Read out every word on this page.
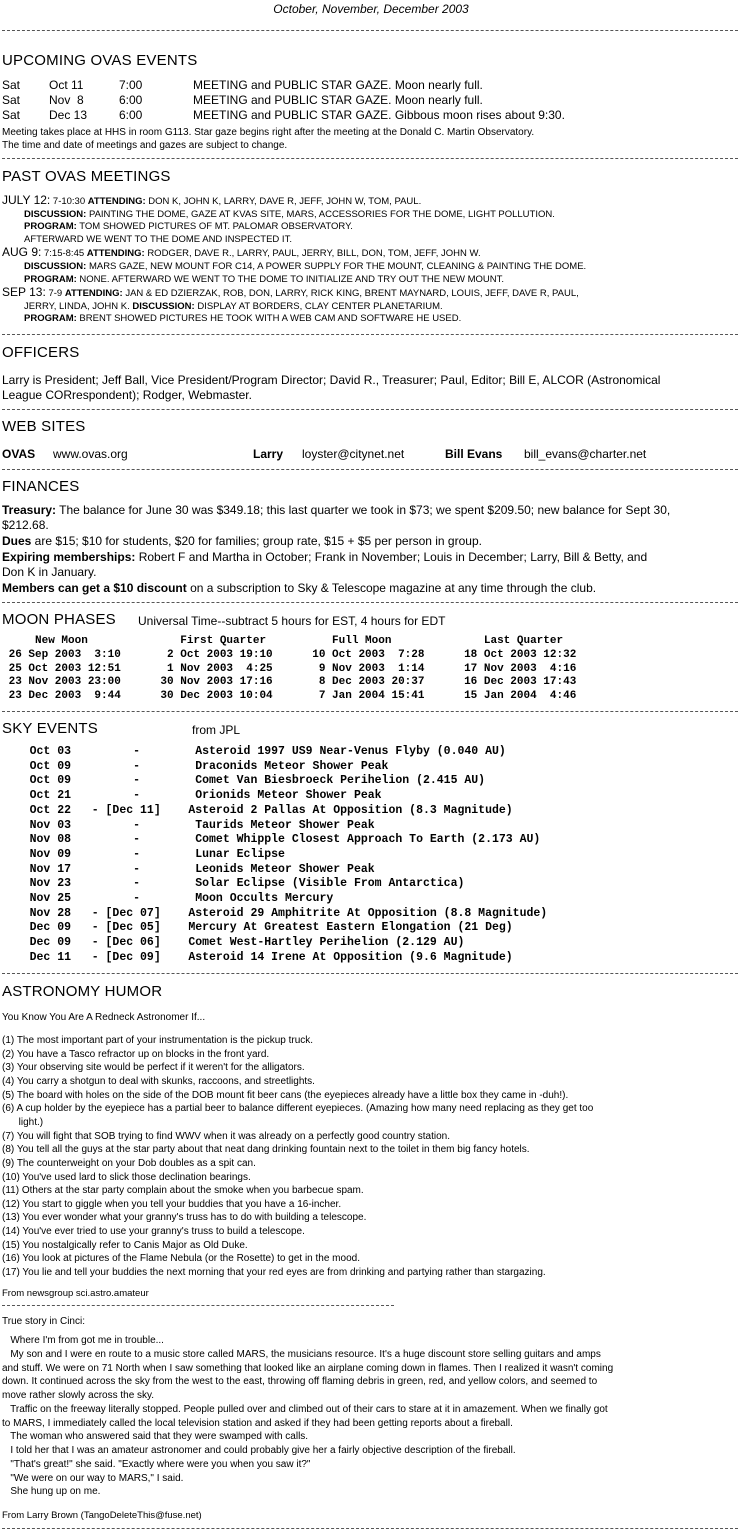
October, November, December 2003
UPCOMING OVAS EVENTS
Sat Oct 11	7:00	MEETING and PUBLIC STAR GAZE. Moon nearly full.
Sat Nov  8	6:00	MEETING and PUBLIC STAR GAZE. Moon nearly full.
Sat Dec 13	6:00	MEETING and PUBLIC STAR GAZE. Gibbous moon rises about 9:30.
Meeting takes place at HHS in room G113. Star gaze begins right after the meeting at the Donald C. Martin Observatory.
The time and date of meetings and gazes are subject to change.
PAST OVAS MEETINGS
JULY 12: 7-10:30 ATTENDING: DON K, JOHN K, LARRY, DAVE R, JEFF, JOHN W, TOM, PAUL.
DISCUSSION: PAINTING THE DOME, GAZE AT KVAS SITE, MARS, ACCESSORIES FOR THE DOME, LIGHT POLLUTION.
PROGRAM: TOM SHOWED PICTURES OF MT. PALOMAR OBSERVATORY.
AFTERWARD WE WENT TO THE DOME AND INSPECTED IT.
AUG 9: 7:15-8:45 ATTENDING: RODGER, DAVE R., LARRY, PAUL, JERRY, BILL, DON, TOM, JEFF, JOHN W.
DISCUSSION: MARS GAZE, NEW MOUNT FOR C14, A POWER SUPPLY FOR THE MOUNT, CLEANING & PAINTING THE DOME.
PROGRAM: NONE. AFTERWARD WE WENT TO THE DOME TO INITIALIZE AND TRY OUT THE NEW MOUNT.
SEP 13: 7-9 ATTENDING: JAN & ED DZIERZAK, ROB, DON, LARRY, RICK KING, BRENT MAYNARD, LOUIS, JEFF, DAVE R, PAUL,
JERRY, LINDA, JOHN K. DISCUSSION: DISPLAY AT BORDERS, CLAY CENTER PLANETARIUM.
PROGRAM: BRENT SHOWED PICTURES HE TOOK WITH A WEB CAM AND SOFTWARE HE USED.
OFFICERS
Larry is President; Jeff Ball, Vice President/Program Director; David R., Treasurer; Paul, Editor; Bill E, ALCOR (Astronomical
League CORrespondent); Rodger, Webmaster.
WEB SITES
OVAS www.ovas.org	Larry loyster@citynet.net	Bill Evans bill_evans@charter.net
FINANCES
Treasury: The balance for June 30 was $349.18; this last quarter we took in $73; we spent $209.50; new balance for Sept 30,
$212.68.
Dues are $15; $10 for students, $20 for families; group rate, $15 + $5 per person in group.
Expiring memberships: Robert F and Martha in October; Frank in November; Louis in December; Larry, Bill & Betty, and
Don K in January.
Members can get a $10 discount on a subscription to Sky & Telescope magazine at any time through the club.
MOON PHASES Universal Time--subtract 5 hours for EST, 4 hours for EDT
New Moon              First Quarter          Full Moon              Last Quarter
26 Sep 2003  3:10       2 Oct 2003 19:10      10 Oct 2003  7:28      18 Oct 2003 12:32
25 Oct 2003 12:51       1 Nov 2003  4:25       9 Nov 2003  1:14      17 Nov 2003  4:16
23 Nov 2003 23:00      30 Nov 2003 17:16       8 Dec 2003 20:37      16 Dec 2003 17:43
23 Dec 2003  9:44      30 Dec 2003 10:04       7 Jan 2004 15:41      15 Jan 2004  4:46
SKY EVENTS	from JPL
Oct 03         -        Asteroid 1997 US9 Near-Venus Flyby (0.040 AU)
Oct 09         -        Draconids Meteor Shower Peak
Oct 09         -        Comet Van Biesbroeck Perihelion (2.415 AU)
Oct 21         -        Orionids Meteor Shower Peak
Oct 22   - [Dec 11]    Asteroid 2 Pallas At Opposition (8.3 Magnitude)
Nov 03         -        Taurids Meteor Shower Peak
Nov 08         -        Comet Whipple Closest Approach To Earth (2.173 AU)
Nov 09         -        Lunar Eclipse
Nov 17         -        Leonids Meteor Shower Peak
Nov 23         -        Solar Eclipse (Visible From Antarctica)
Nov 25         -        Moon Occults Mercury
Nov 28   - [Dec 07]    Asteroid 29 Amphitrite At Opposition (8.8 Magnitude)
Dec 09   - [Dec 05]    Mercury At Greatest Eastern Elongation (21 Deg)
Dec 09   - [Dec 06]    Comet West-Hartley Perihelion (2.129 AU)
Dec 11   - [Dec 09]    Asteroid 14 Irene At Opposition (9.6 Magnitude)
ASTRONOMY HUMOR
You Know You Are A Redneck Astronomer If...
(1) The most important part of your instrumentation is the pickup truck.
(2) You have a Tasco refractor up on blocks in the front yard.
(3) Your observing site would be perfect if it weren't for the alligators.
(4) You carry a shotgun to deal with skunks, raccoons, and streetlights.
(5) The board with holes on the side of the DOB mount fit beer cans (the eyepieces already have a little box they came in -duh!).
(6) A cup holder by the eyepiece has a partial beer to balance different eyepieces. (Amazing how many need replacing as they get too
light.)
(7) You will fight that SOB trying to find WWV when it was already on a perfectly good country station.
(8) You tell all the guys at the star party about that neat dang drinking fountain next to the toilet in them big fancy hotels.
(9) The counterweight on your Dob doubles as a spit can.
(10) You've used lard to slick those declination bearings.
(11) Others at the star party complain about the smoke when you barbecue spam.
(12) You start to giggle when you tell your buddies that you have a 16-incher.
(13) You ever wonder what your granny's truss has to do with building a telescope.
(14) You've ever tried to use your granny's truss to build a telescope.
(15) You nostalgically refer to Canis Major as Old Duke.
(16) You look at pictures of the Flame Nebula (or the Rosette) to get in the mood.
(17) You lie and tell your buddies the next morning that your red eyes are from drinking and partying rather than stargazing.
From newsgroup sci.astro.amateur
True story in Cinci:
Where I'm from got me in trouble...
My son and I were en route to a music store called MARS, the musicians resource. It's a huge discount store selling guitars and amps
and stuff. We were on 71 North when I saw something that looked like an airplane coming down in flames. Then I realized it wasn't coming
down. It continued across the sky from the west to the east, throwing off flaming debris in green, red, and yellow colors, and seemed to
move rather slowly across the sky.
Traffic on the freeway literally stopped. People pulled over and climbed out of their cars to stare at it in amazement. When we finally got
to MARS, I immediately called the local television station and asked if they had been getting reports about a fireball.
The woman who answered said that they were swamped with calls.
I told her that I was an amateur astronomer and could probably give her a fairly objective description of the fireball.
"That's great!" she said. "Exactly where were you when you saw it?"
"We were on our way to MARS," I said.
She hung up on me.
From Larry Brown (TangoDeleteThis@fuse.net)
